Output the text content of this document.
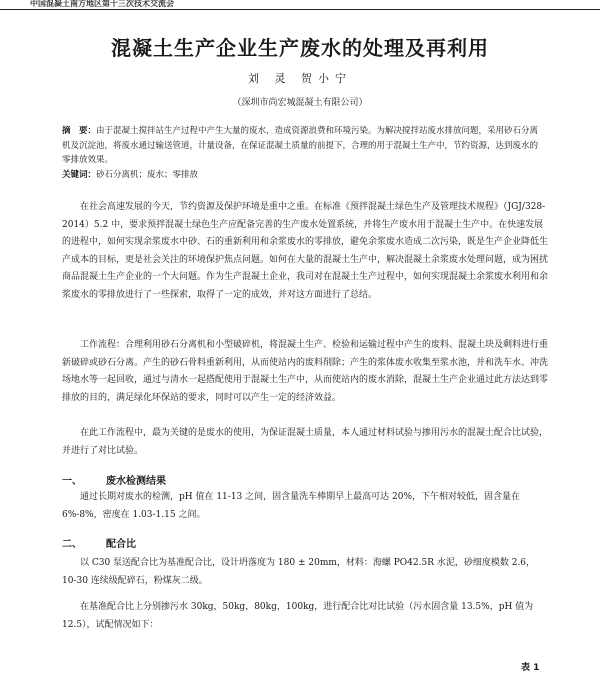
中国混凝土南方地区第十三次技术交流会
混凝土生产企业生产废水的处理及再利用
刘 灵 贺小宁
（深圳市尚宏城混凝土有限公司）
摘　要：由于混凝土搅拌站生产过程中产生大量的废水，造成资源浪费和环境污染。为解决搅拌站废水排放问题，采用砂石分离机及沉淀池，将废水通过输送管道，计量设备，在保证混凝土质量的前提下，合理的用于混凝土生产中，节约资源，达到废水的零排放效果。
关键词：砂石分离机；废水；零排放

在社会高速发展的今天，节约资源及保护环境是重中之重。在标准《预拌混凝土绿色生产及管理技术规程》（JGJ/328-2014）5.2 中，要求预拌混凝土绿色生产应配备完善的生产废水处置系统，并将生产废水用于混凝土生产中。在快速发展的进程中，如何实现余浆废水中砂、石的重新利用和余浆废水的零排放，避免余浆废水造成二次污染，既是生产企业降低生产成本的目标，更是社会关注的环境保护焦点问题。如何在大量的混凝土生产中，解决混凝土余浆废水处理问题，成为困扰商品混凝土生产企业的一个大问题。作为生产混凝土企业，我司对在混凝土生产过程中，如何实现混凝土余浆废水利用和余浆废水的零排放进行了一些探索，取得了一定的成效，并对这方面进行了总结。

工作流程：合理利用砂石分离机和小型破碎机，将混凝土生产、检验和运输过程中产生的废料、混凝土块及剩料进行重新破碎或砂石分离。产生的砂石骨料重新利用，从而使站内的废料削除；产生的浆体废水收集至浆水池，并和洗车水、冲洗场地水等一起回收，通过与清水一起搭配使用于混凝土生产中，从而使站内的废水消除，混凝土生产企业通过此方法达到零排放的目的，满足绿化环保站的要求，同时可以产生一定的经济效益。

在此工作流程中，最为关键的是废水的使用，为保证混凝土质量，本人通过材料试验与掺用污水的混凝土配合比试验，并进行了对比试验。

一、 废水检测结果

通过长期对废水的检测，pH 值在 11-13 之间，固含量洗车棒期早上最高可达 20%，下午相对较低，固含量在 6%-8%，密度在 1.03-1.15 之间。

二、 配合比

以 C30 泵送配合比为基准配合比，设计坍落度为 180 ± 20mm，材料：海螺 PO42.5R 水泥，砂细度模数 2.6，10-30 连续级配碎石，粉煤灰二级。

在基准配合比上分别掺污水 30kg，50kg，80kg，100kg，进行配合比对比试验（污水固含量 13.5%，pH 值为 12.5），试配情况如下：

表 1
